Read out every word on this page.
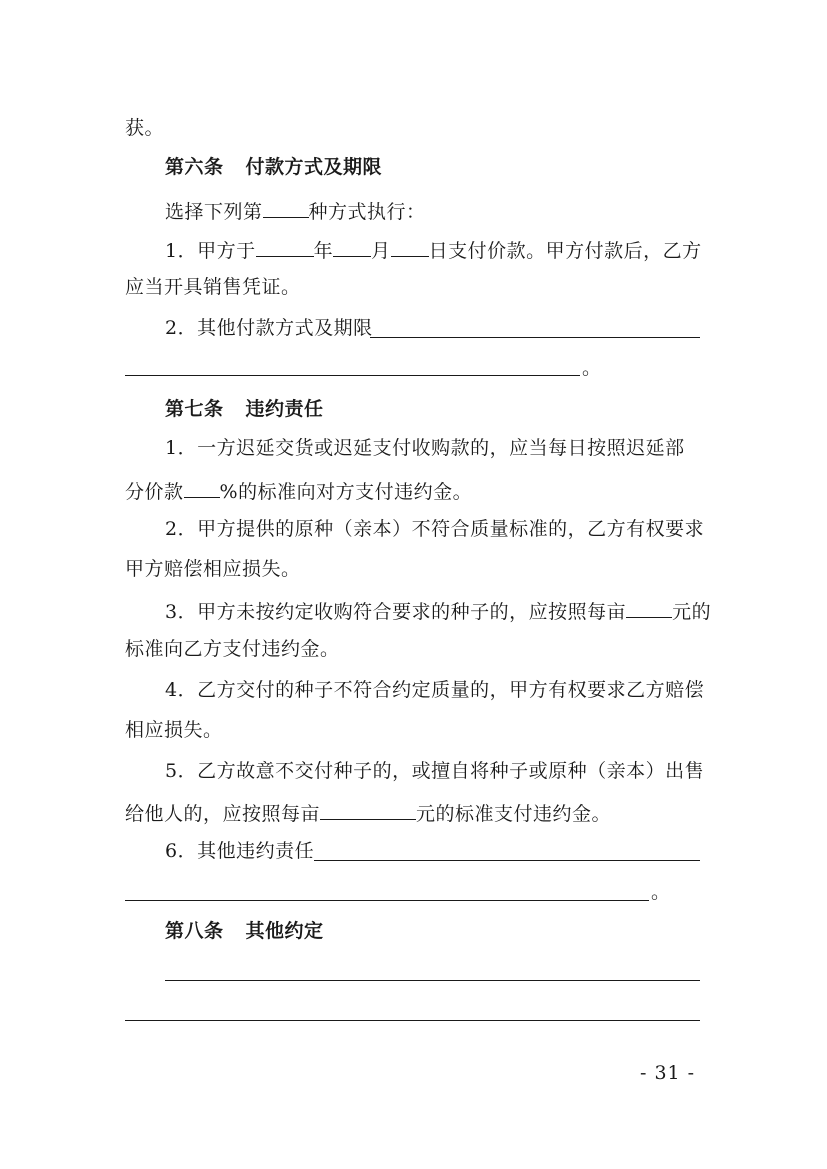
获。
第六条 付款方式及期限
选择下列第 种方式执行：
1．甲方于	年 月 日支付价款。甲方付款后，乙方
应当开具销售凭证。
2．其他付款方式及期限
。
第七条 违约责任
1．一方迟延交货或迟延支付收购款的，应当每日按照迟延部
分价款 %的标准向对方支付违约金。
2．甲方提供的原种（亲本）不符合质量标准的，乙方有权要求
甲方赔偿相应损失。
3．甲方未按约定收购符合要求的种子的，应按照每亩 元的
标准向乙方支付违约金。
4．乙方交付的种子不符合约定质量的，甲方有权要求乙方赔偿
相应损失。
5．乙方故意不交付种子的，或擅自将种子或原种（亲本）出售
给他人的，应按照每亩	元的标准支付违约金。
6．其他违约责任
。
第八条 其他约定
- 31 -
